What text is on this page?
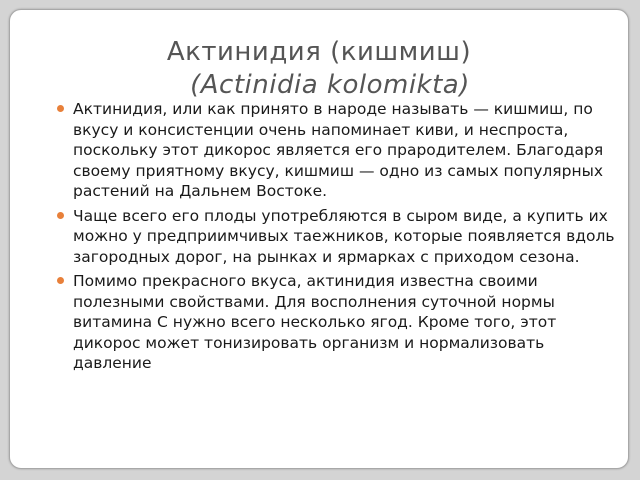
Актинидия (кишмиш)
(Actinidia kolomikta)
Актинидия, или как принято в народе называть — кишмиш, по вкусу и консистенции очень напоминает киви, и неспроста, поскольку этот дикорос является его прародителем. Благодаря своему приятному вкусу, кишмиш — одно из самых популярных растений на Дальнем Востоке.
Чаще всего его плоды употребляются в сыром виде, а купить их можно у предприимчивых таежников, которые появляется вдоль загородных дорог, на рынках и ярмарках с приходом сезона.
Помимо прекрасного вкуса, актинидия известна своими полезными свойствами. Для восполнения суточной нормы витамина С нужно всего несколько ягод. Кроме того, этот дикорос может тонизировать организм и нормализовать давление
